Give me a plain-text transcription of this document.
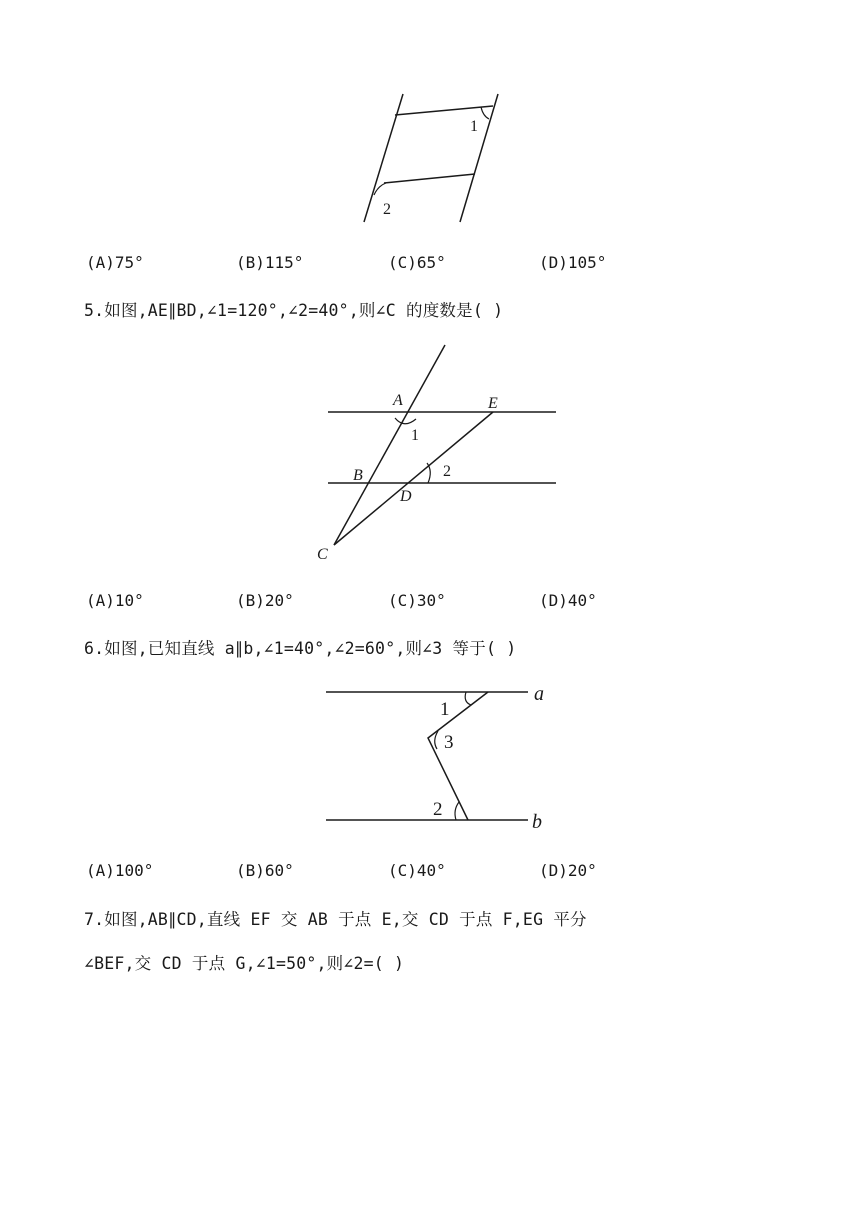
1
2
(A)75°	(B)115°	(C)65°	(D)105°
5.如图,AE∥BD,∠1=120°,∠2=40°,则∠C 的度数是( )
A	E
1
B	2
D
C
(A)10°	(B)20°	(C)30°	(D)40°
6.如图,已知直线 a∥b,∠1=40°,∠2=60°,则∠3 等于( )
1
3
2
a
b
(A)100°	(B)60°	(C)40°	(D)20°
7.如图,AB∥CD,直线 EF 交 AB 于点 E,交 CD 于点 F,EG 平分
∠BEF,交 CD 于点 G,∠1=50°,则∠2=( )
